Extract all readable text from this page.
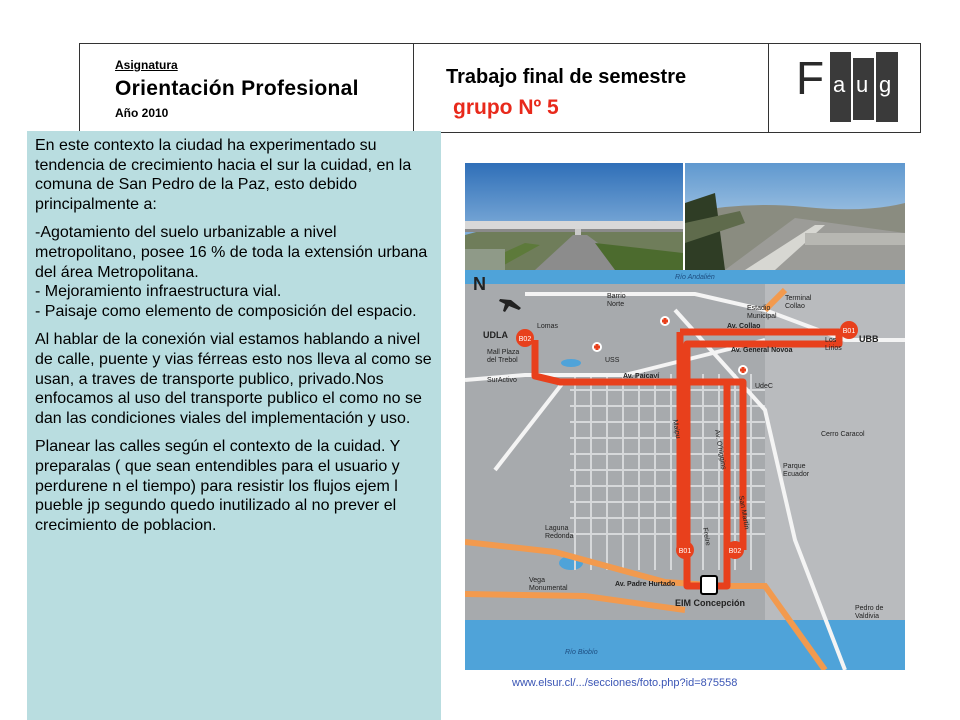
Asignatura
Orientación Profesional
Año 2010
Trabajo final de semestre
grupo Nº 5
F a u g

En este contexto la ciudad ha experimentado su tendencia de crecimiento hacia el sur la cuidad, en la comuna de San Pedro de la Paz, esto debido principalmente a:

-Agotamiento del suelo urbanizable a nivel metropolitano, posee 16 % de toda la extensión urbana del área Metropolitana.
- Mejoramiento infraestructura vial.
- Paisaje como elemento de composición del espacio.

Al hablar de la conexión vial estamos hablando a nivel de calle, puente y vias férreas esto nos lleva al como se usan, a traves de transporte publico, privado.Nos enfocamos al uso del transporte publico el como no se dan las condiciones viales del implementación y uso.

Planear las calles según el contexto de la cuidad. Y preparalas ( que sean entendibles para el usuario y perdurene n el tiempo) para resistir los flujos ejem l pueble jp segundo quedo inutilizado al no prever el crecimiento de poblacion.

B01
B02
B01	B02
N	Río Andalién
Barrio Norte
Terminal Collao
Estadio Municipal
Lomas
UDLA
Mall Plaza del Trebol
SurActivo
USS
Av. Collao
Av. General Novoa
Av. Paicaví
Los Lirios
UBB
UdeC
Cerro Caracol
Parque Ecuador
Maipu	Av. O'higgins
San Martín
Freire
Laguna Redonda
Vega Monumental
Av. Padre Hurtado
EIM Concepción
Pedro de Valdivia
Río Biobío
www.elsur.cl/.../secciones/foto.php?id=875558
